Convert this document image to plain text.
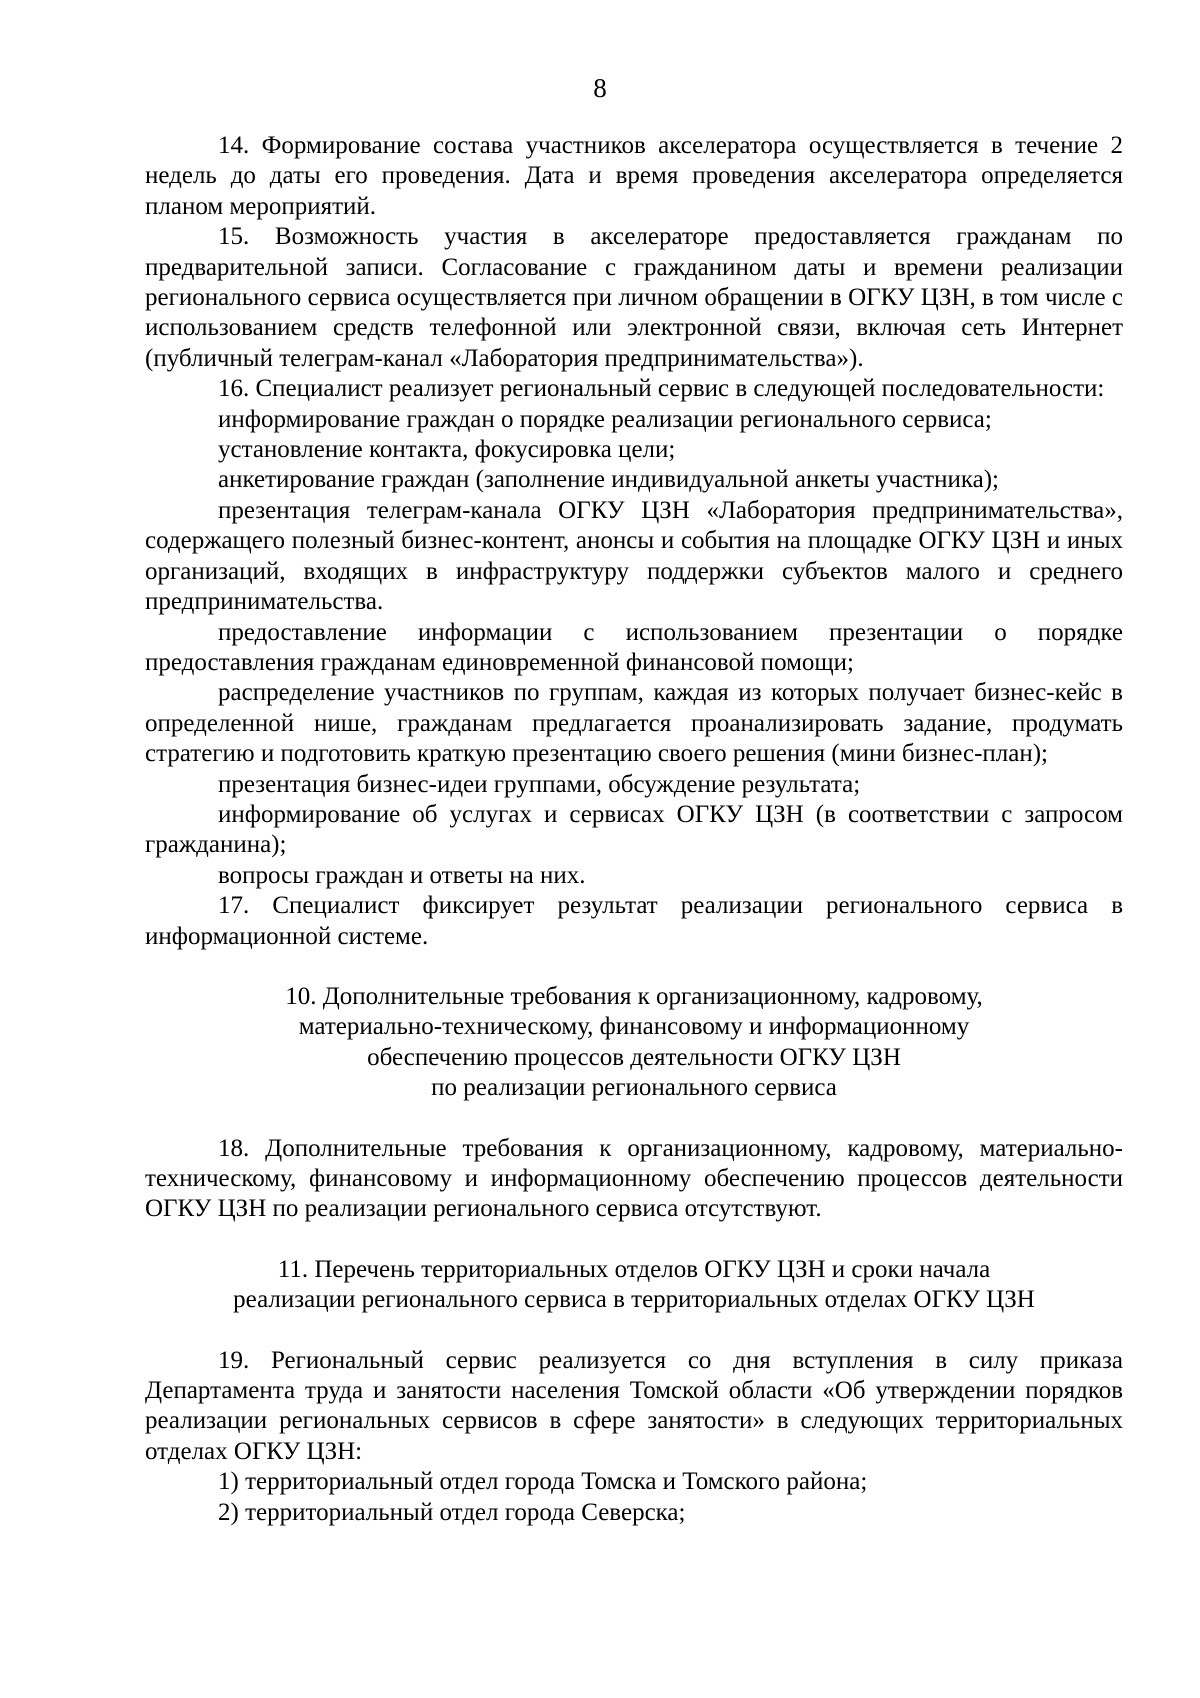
8

14. Формирование состава участников акселератора осуществляется в течение 2 недель до даты его проведения. Дата и время проведения акселератора определяется планом мероприятий.

15. Возможность участия в акселераторе предоставляется гражданам по предварительной записи. Согласование с гражданином даты и времени реализации регионального сервиса осуществляется при личном обращении в ОГКУ ЦЗН, в том числе с использованием средств телефонной или электронной связи, включая сеть Интернет (публичный телеграм-канал «Лаборатория предпринимательства»).

16. Специалист реализует региональный сервис в следующей последовательности:

информирование граждан о порядке реализации регионального сервиса;

установление контакта, фокусировка цели;

анкетирование граждан (заполнение индивидуальной анкеты участника);

презентация телеграм-канала ОГКУ ЦЗН «Лаборатория предпринимательства», содержащего полезный бизнес-контент, анонсы и события на площадке ОГКУ ЦЗН и иных организаций, входящих в инфраструктуру поддержки субъектов малого и среднего предпринимательства.

предоставление информации с использованием презентации о порядке предоставления гражданам единовременной финансовой помощи;

распределение участников по группам, каждая из которых получает бизнес-кейс в определенной нише, гражданам предлагается проанализировать задание, продумать стратегию и подготовить краткую презентацию своего решения (мини бизнес-план);

презентация бизнес-идеи группами, обсуждение результата;

информирование об услугах и сервисах ОГКУ ЦЗН (в соответствии с запросом гражданина);

вопросы граждан и ответы на них.

17. Специалист фиксирует результат реализации регионального сервиса в информационной системе.

10. Дополнительные требования к организационному, кадровому,

материально-техническому, финансовому и информационному

обеспечению процессов деятельности ОГКУ ЦЗН

по реализации регионального сервиса

18. Дополнительные требования к организационному, кадровому, материально-техническому, финансовому и информационному обеспечению процессов деятельности ОГКУ ЦЗН по реализации регионального сервиса отсутствуют.

11. Перечень территориальных отделов ОГКУ ЦЗН и сроки начала

реализации регионального сервиса в территориальных отделах ОГКУ ЦЗН

19. Региональный сервис реализуется со дня вступления в силу приказа Департамента труда и занятости населения Томской области «Об утверждении порядков реализации региональных сервисов в сфере занятости» в следующих территориальных отделах ОГКУ ЦЗН:

1) территориальный отдел города Томска и Томского района;

2) территориальный отдел города Северска;
